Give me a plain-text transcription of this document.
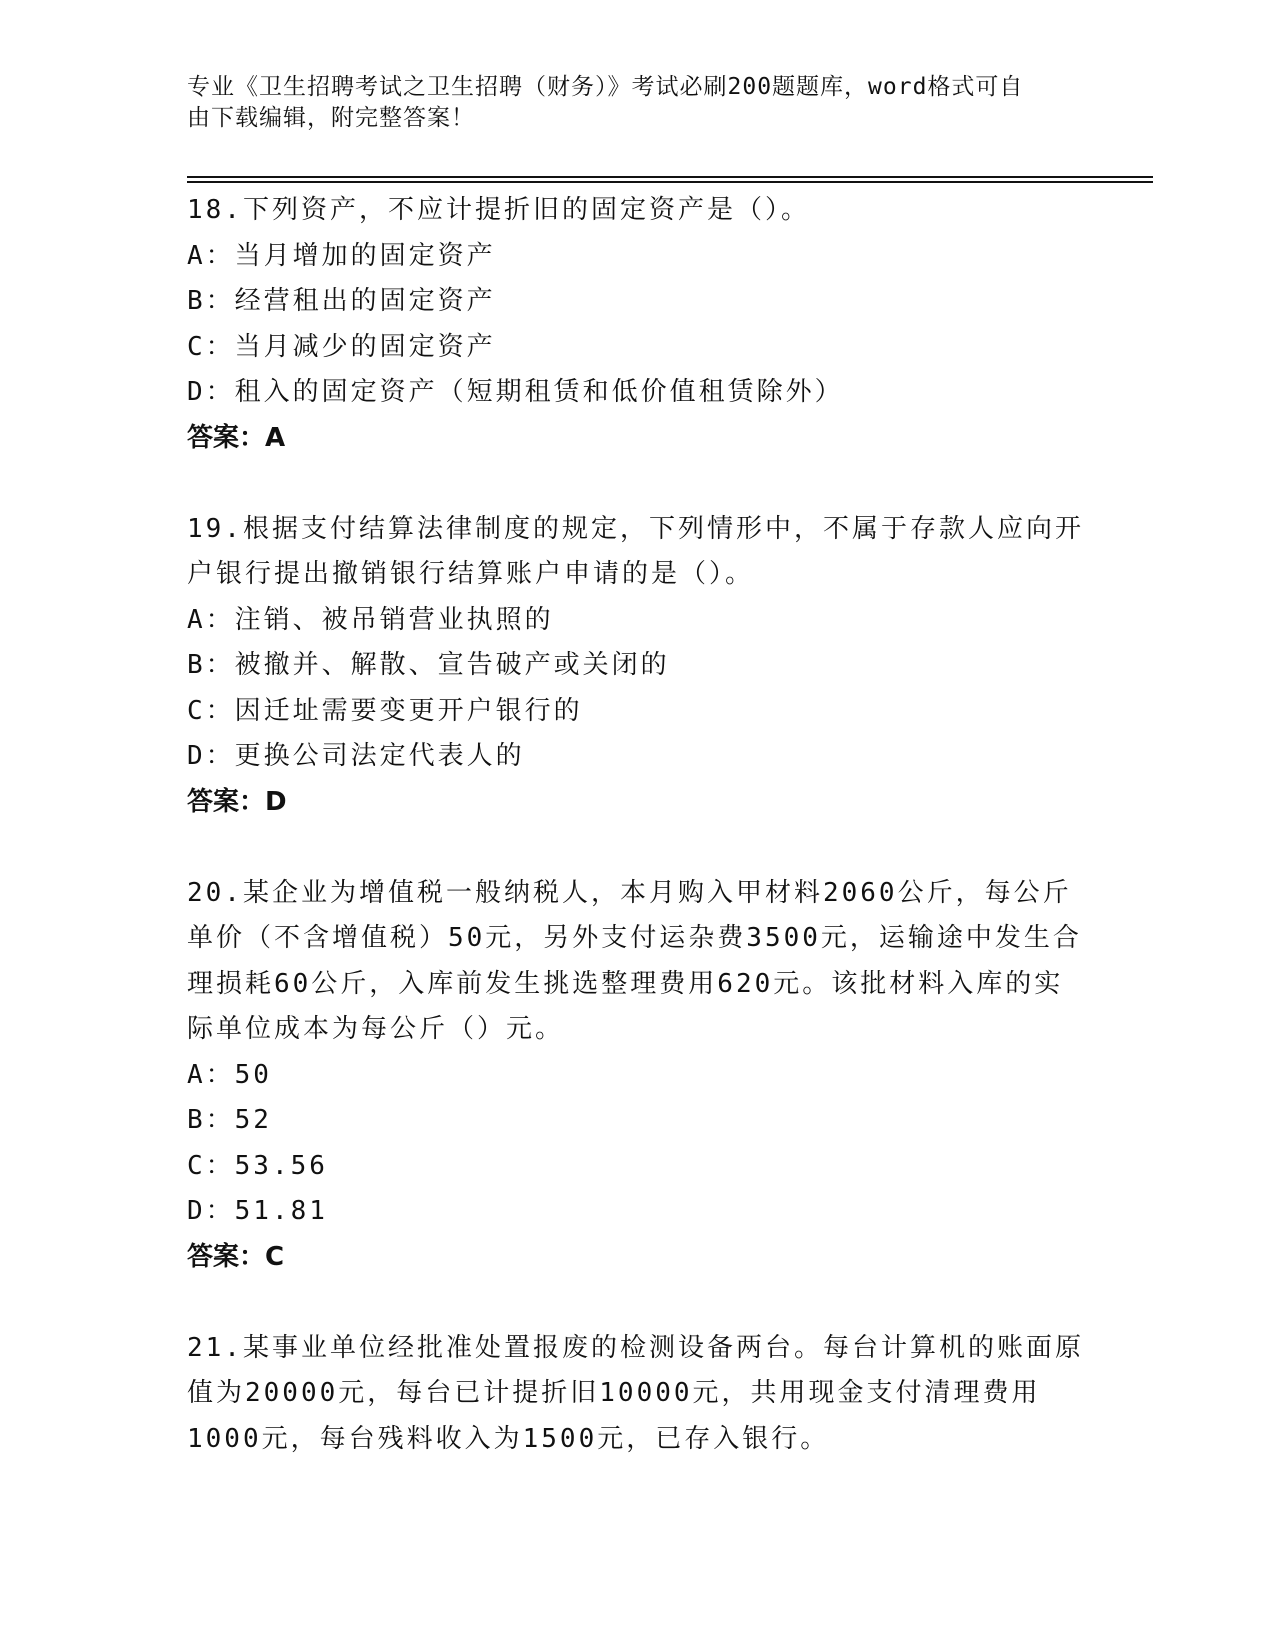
专业《卫生招聘考试之卫生招聘（财务）》考试必刷200题题库，word格式可自
由下载编辑，附完整答案！
18.下列资产，不应计提折旧的固定资产是（）。
A：当月增加的固定资产
B：经营租出的固定资产
C：当月减少的固定资产
D：租入的固定资产（短期租赁和低价值租赁除外）
答案：A
19.根据支付结算法律制度的规定，下列情形中，不属于存款人应向开
户银行提出撤销银行结算账户申请的是（）。
A：注销、被吊销营业执照的
B：被撤并、解散、宣告破产或关闭的
C：因迁址需要变更开户银行的
D：更换公司法定代表人的
答案：D
20.某企业为增值税一般纳税人，本月购入甲材料2060公斤，每公斤
单价（不含增值税）50元，另外支付运杂费3500元，运输途中发生合
理损耗60公斤，入库前发生挑选整理费用620元。该批材料入库的实
际单位成本为每公斤（）元。
A：50
B：52
C：53.56
D：51.81
答案：C
21.某事业单位经批准处置报废的检测设备两台。每台计算机的账面原
值为20000元，每台已计提折旧10000元，共用现金支付清理费用
1000元，每台残料收入为1500元，已存入银行。
